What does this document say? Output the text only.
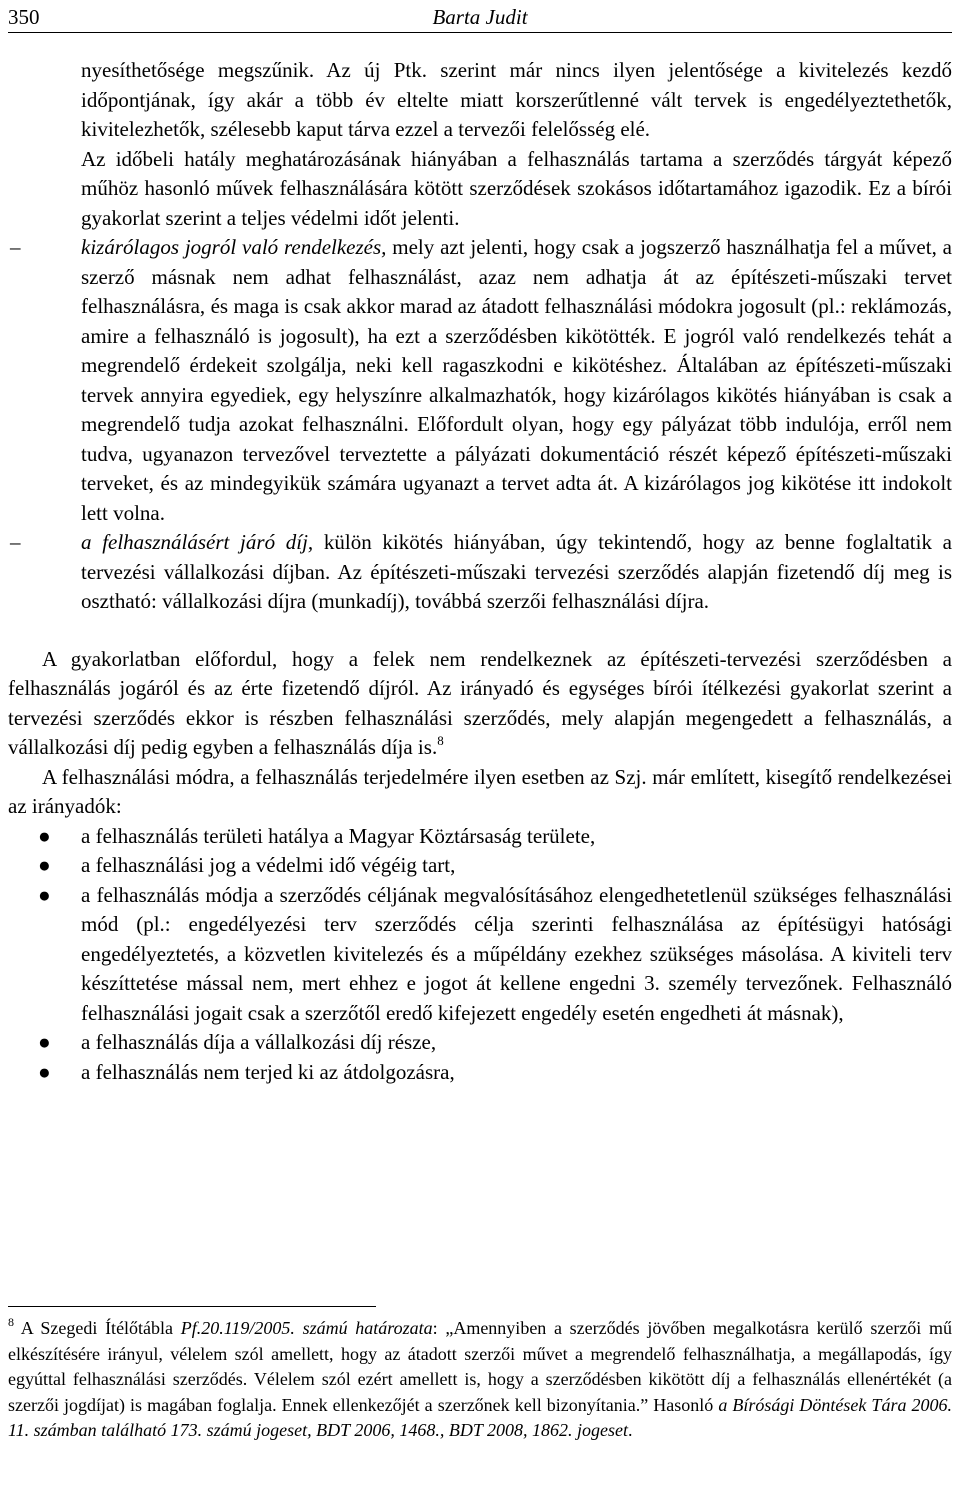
350	Barta Judit

nyesíthetősége megszűnik. Az új Ptk. szerint már nincs ilyen jelentősége a kivitelezés kezdő időpontjának, így akár a több év eltelte miatt korszerűtlenné vált tervek is engedélyeztethetők, kivitelezhetők, szélesebb kaput tárva ezzel a tervezői felelősség elé.

Az időbeli hatály meghatározásának hiányában a felhasználás tartama a szerződés tárgyát képező műhöz hasonló művek felhasználására kötött szerződések szokásos időtartamához igazodik. Ez a bírói gyakorlat szerint a teljes védelmi időt jelenti.

–	kizárólagos jogról való rendelkezés, mely azt jelenti, hogy csak a jogszerző használhatja fel a művet, a szerző másnak nem adhat felhasználást, azaz nem adhatja át az építészeti-műszaki tervet felhasználásra, és maga is csak akkor marad az átadott felhasználási módokra jogosult (pl.: reklámozás, amire a felhasználó is jogosult), ha ezt a szerződésben kikötötték. E jogról való rendelkezés tehát a megrendelő érdekeit szolgálja, neki kell ragaszkodni e kikötéshez. Általában az építészeti-műszaki tervek annyira egyediek, egy helyszínre alkalmazhatók, hogy kizárólagos kikötés hiányában is csak a megrendelő tudja azokat felhasználni. Előfordult olyan, hogy egy pályázat több indulója, erről nem tudva, ugyanazon tervezővel terveztette a pályázati dokumentáció részét képező építészeti-műszaki terveket, és az mindegyikük számára ugyanazt a tervet adta át. A kizárólagos jog kikötése itt indokolt lett volna.

–	a felhasználásért járó díj, külön kikötés hiányában, úgy tekintendő, hogy az benne foglaltatik a tervezési vállalkozási díjban. Az építészeti-műszaki tervezési szerződés alapján fizetendő díj meg is osztható: vállalkozási díjra (munkadíj), továbbá szerzői felhasználási díjra.

A gyakorlatban előfordul, hogy a felek nem rendelkeznek az építészeti-tervezési szerződésben a felhasználás jogáról és az érte fizetendő díjról. Az irányadó és egységes bírói ítélkezési gyakorlat szerint a tervezési szerződés ekkor is részben felhasználási szerződés, mely alapján megengedett a felhasználás, a vállalkozási díj pedig egyben a felhasználás díja is.$^8$

A felhasználási módra, a felhasználás terjedelmére ilyen esetben az Szj. már említett, kisegítő rendelkezései az irányadók:

● a felhasználás területi hatálya a Magyar Köztársaság területe,

● a felhasználási jog a védelmi idő végéig tart,

● a felhasználás módja a szerződés céljának megvalósításához elengedhetetlenül szükséges felhasználási mód (pl.: engedélyezési terv szerződés célja szerinti felhasználása az építésügyi hatósági engedélyeztetés, a közvetlen kivitelezés és a műpéldány ezekhez szükséges másolása. A kiviteli terv készíttetése mással nem, mert ehhez e jogot át kellene engedni 3. személy tervezőnek. Felhasználó felhasználási jogait csak a szerzőtől eredő kifejezett engedély esetén engedheti át másnak),

● a felhasználás díja a vállalkozási díj része,

● a felhasználás nem terjed ki az átdolgozásra,

$^8$ A Szegedi Ítélőtábla Pf.20.119/2005. számú határozata: „Amennyiben a szerződés jövőben megalkotásra kerülő szerzői mű elkészítésére irányul, vélelem szól amellett, hogy az átadott szerzői művet a megrendelő felhasználhatja, a megállapodás, így egyúttal felhasználási szerződés. Vélelem szól ezért amellett is, hogy a szerződésben kikötött díj a felhasználás ellenértékét (a szerzői jogdíjat) is magában foglalja. Ennek ellenkezőjét a szerzőnek kell bizonyítania.” Hasonló a Bírósági Döntések Tára 2006. 11. számban található 173. számú jogeset, BDT 2006, 1468., BDT 2008, 1862. jogeset.
